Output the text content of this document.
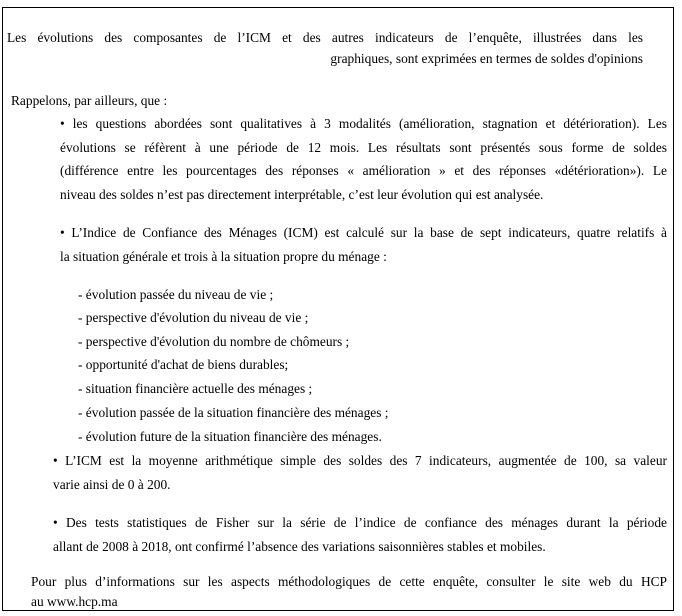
Les évolutions des composantes de l’ICM et des autres indicateurs de l’enquête, illustrées dans les

graphiques, sont exprimées en termes de soldes d'opinions

Rappelons, par ailleurs, que :

• les questions abordées sont qualitatives à 3 modalités (amélioration, stagnation et détérioration). Les

évolutions se réfèrent à une période de 12 mois. Les résultats sont présentés sous forme de soldes

(différence entre les pourcentages des réponses « amélioration » et des réponses «détérioration»). Le

niveau des soldes n’est pas directement interprétable, c’est leur évolution qui est analysée.

• L’Indice de Confiance des Ménages (ICM) est calculé sur la base de sept indicateurs, quatre relatifs à

la situation générale et trois à la situation propre du ménage :

- évolution passée du niveau de vie ;

- perspective d'évolution du niveau de vie ;

- perspective d'évolution du nombre de chômeurs ;

- opportunité d'achat de biens durables;

- situation financière actuelle des ménages ;

- évolution passée de la situation financière des ménages ;

- évolution future de la situation financière des ménages.

• L’ICM est la moyenne arithmétique simple des soldes des 7 indicateurs, augmentée de 100, sa valeur

varie ainsi de 0 à 200.

• Des tests statistiques de Fisher sur la série de l’indice de confiance des ménages durant la période

allant de 2008 à 2018, ont confirmé l’absence des variations saisonnières stables et mobiles.

Pour plus d’informations sur les aspects méthodologiques de cette enquête, consulter le site web du HCP

au www.hcp.ma
